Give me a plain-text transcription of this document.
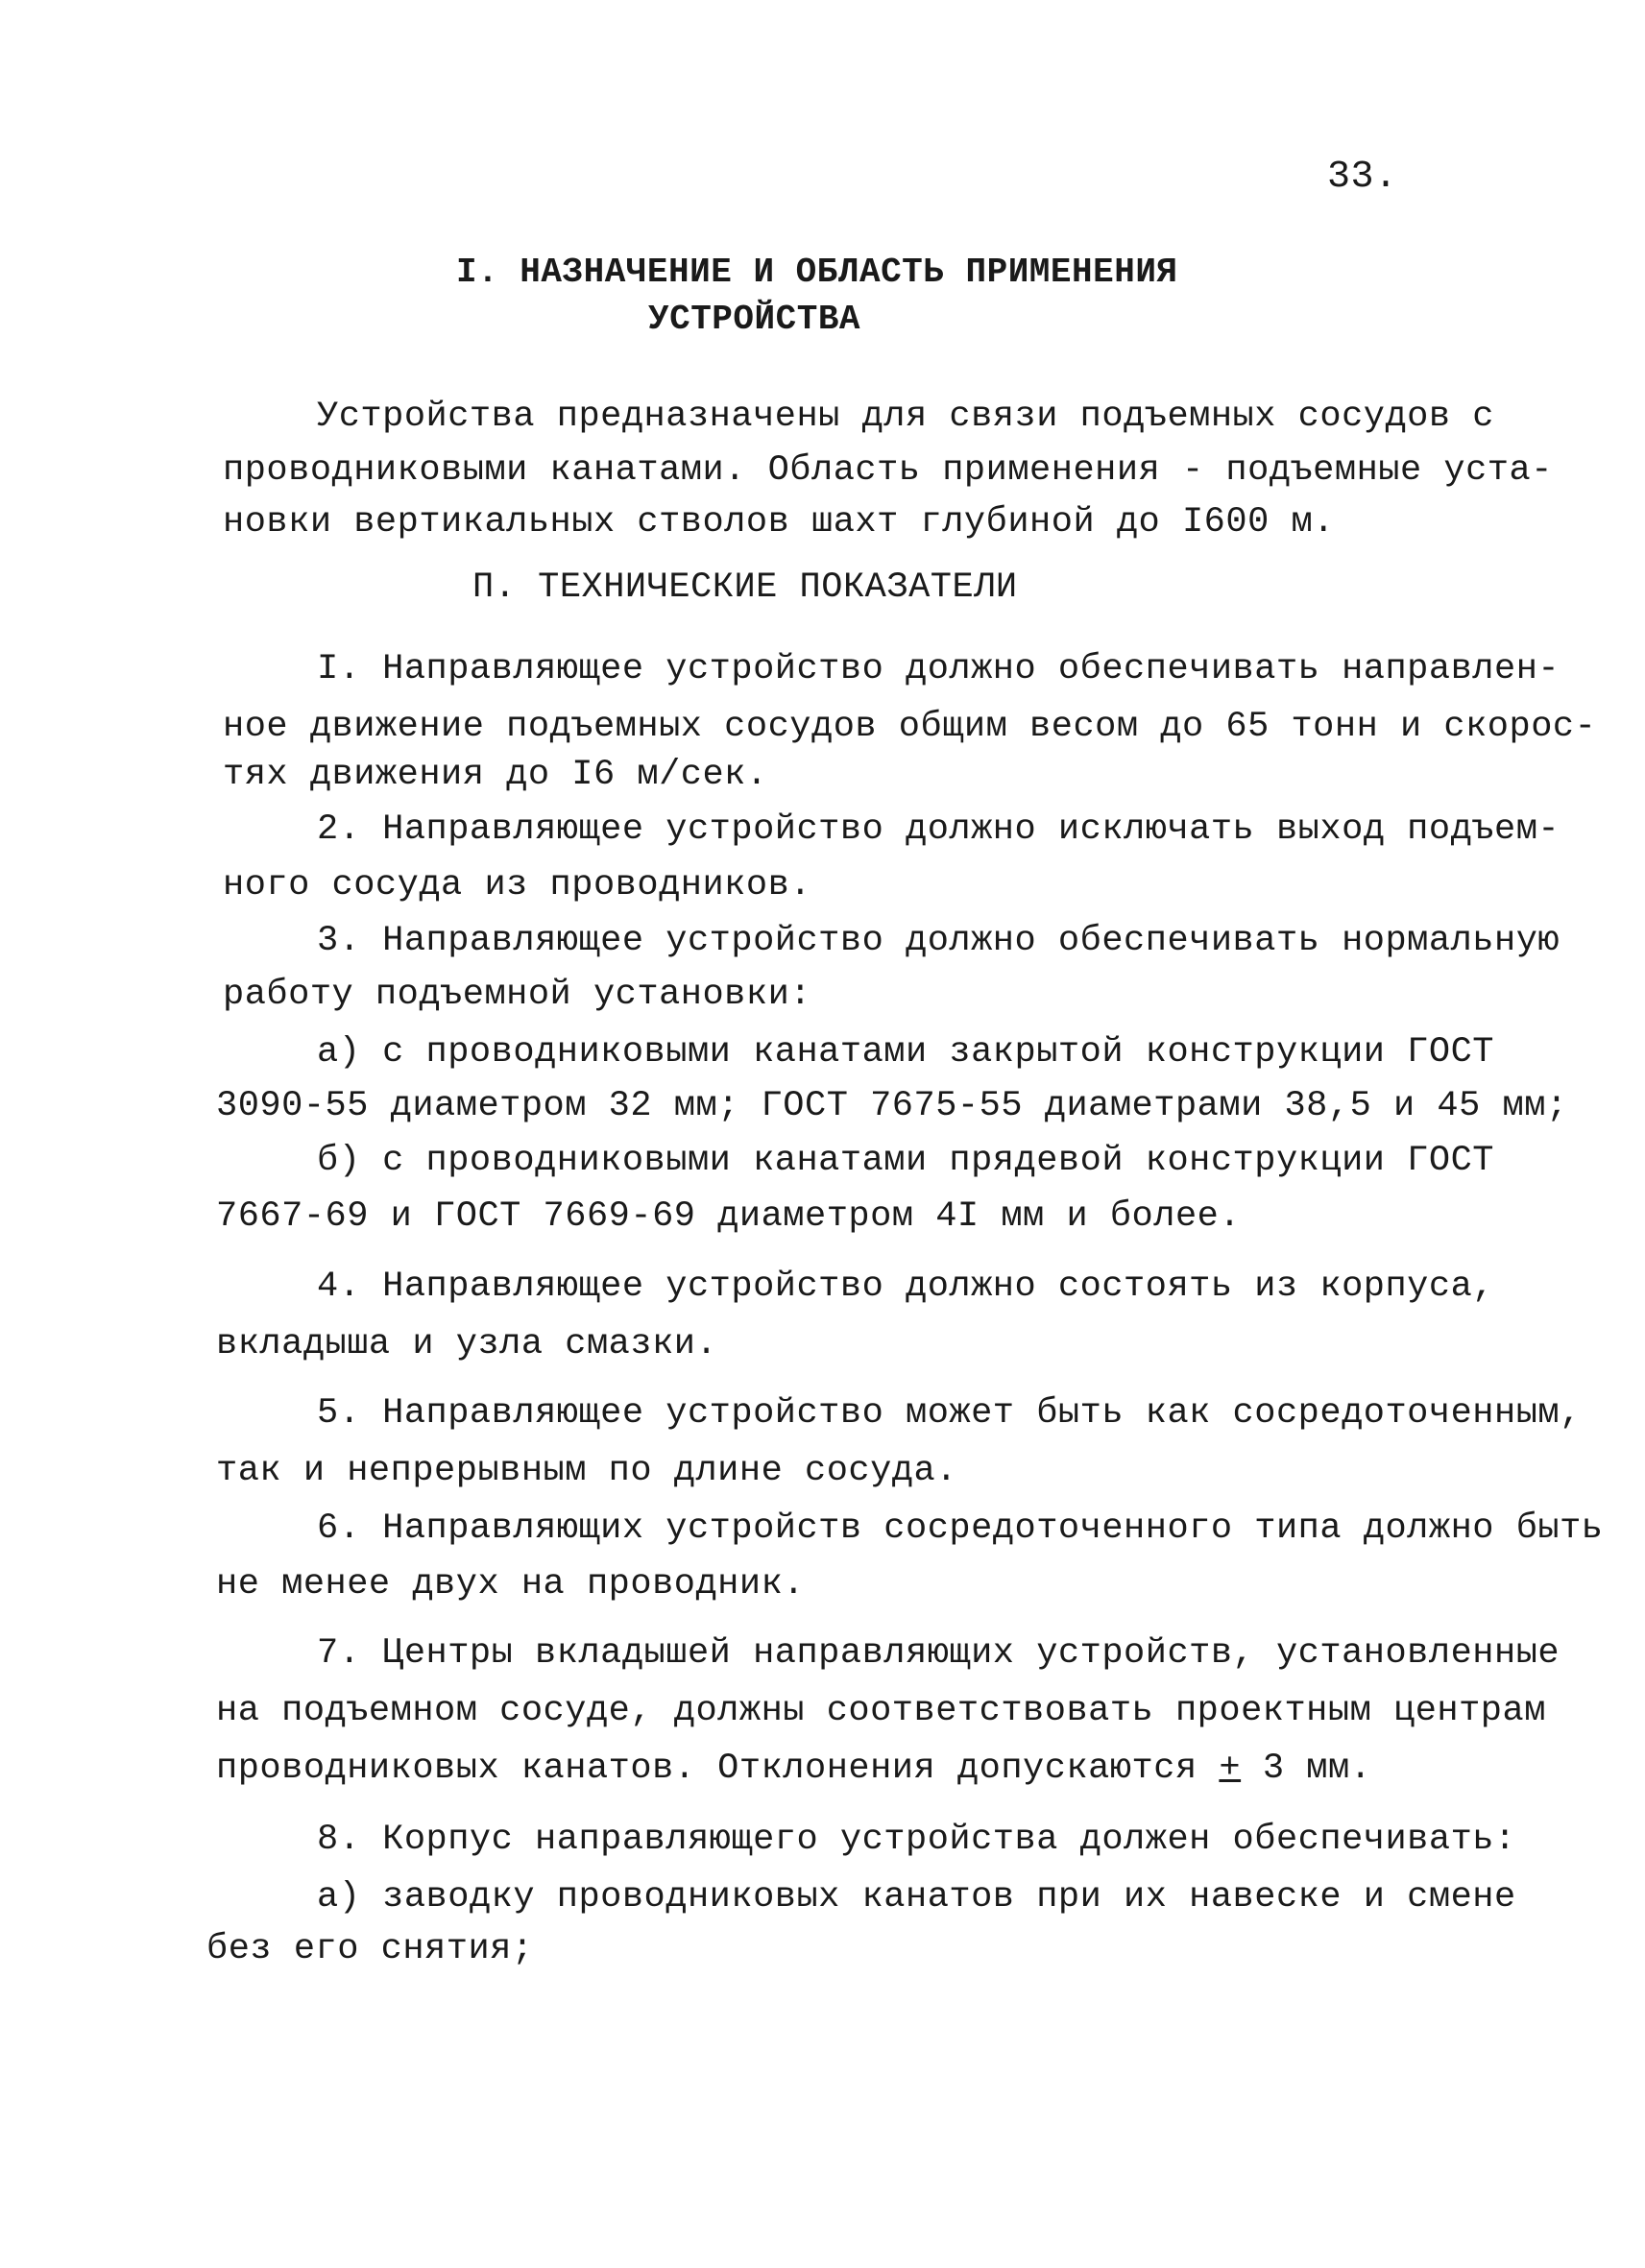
33.
I. НАЗНАЧЕНИЕ И ОБЛАСТЬ ПРИМЕНЕНИЯ
УСТРОЙСТВА
Устройства предназначены для связи подъемных сосудов с
проводниковыми канатами. Область применения - подъемные уста-
новки вертикальных стволов шахт глубиной до I600 м.
П. ТЕХНИЧЕСКИЕ ПОКАЗАТЕЛИ
I. Направляющее устройство должно обеспечивать направлен-
ное движение подъемных сосудов общим весом до 65 тонн и скорос-
тях движения до I6 м/сек.
2. Направляющее устройство должно исключать выход подъем-
ного сосуда из проводников.
3. Направляющее устройство должно обеспечивать нормальную
работу подъемной установки:
а) с проводниковыми канатами закрытой конструкции ГОСТ
3090-55 диаметром 32 мм; ГОСТ 7675-55 диаметрами 38,5 и 45 мм;
б) с проводниковыми канатами прядевой конструкции ГОСТ
7667-69 и ГОСТ 7669-69 диаметром 4I мм и более.
4. Направляющее устройство должно состоять из корпуса,
вкладыша и узла смазки.
5. Направляющее устройство может быть как сосредоточенным,
так и непрерывным по длине сосуда.
6. Направляющих устройств сосредоточенного типа должно быть
не менее двух на проводник.
7. Центры вкладышей направляющих устройств, установленные
на подъемном сосуде, должны соответствовать проектным центрам
проводниковых канатов. Отклонения допускаются + 3 мм.
8. Корпус направляющего устройства должен обеспечивать:
а) заводку проводниковых канатов при их навеске и смене
без его снятия;
